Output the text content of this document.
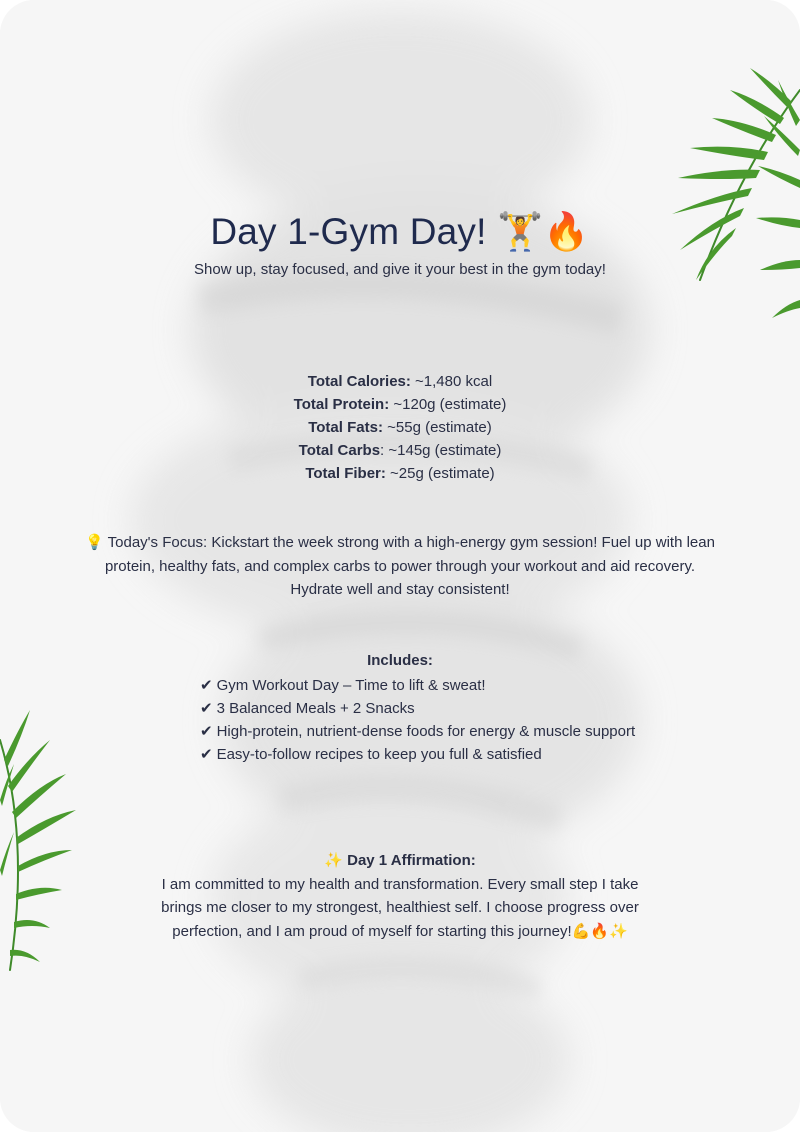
Day 1-Gym Day! 🏋🔥
Show up, stay focused, and give it your best in the gym today!
Total Calories: ~1,480 kcal
Total Protein: ~120g (estimate)
Total Fats: ~55g (estimate)
Total Carbs: ~145g (estimate)
Total Fiber: ~25g (estimate)
💡 Today's Focus: Kickstart the week strong with a high-energy gym session! Fuel up with lean protein, healthy fats, and complex carbs to power through your workout and aid recovery. Hydrate well and stay consistent!
Includes:
✔ Gym Workout Day – Time to lift & sweat!
✔ 3 Balanced Meals + 2 Snacks
✔ High-protein, nutrient-dense foods for energy & muscle support
✔ Easy-to-follow recipes to keep you full & satisfied
✨ Day 1 Affirmation:
I am committed to my health and transformation. Every small step I take brings me closer to my strongest, healthiest self. I choose progress over perfection, and I am proud of myself for starting this journey!💪🔥✨
